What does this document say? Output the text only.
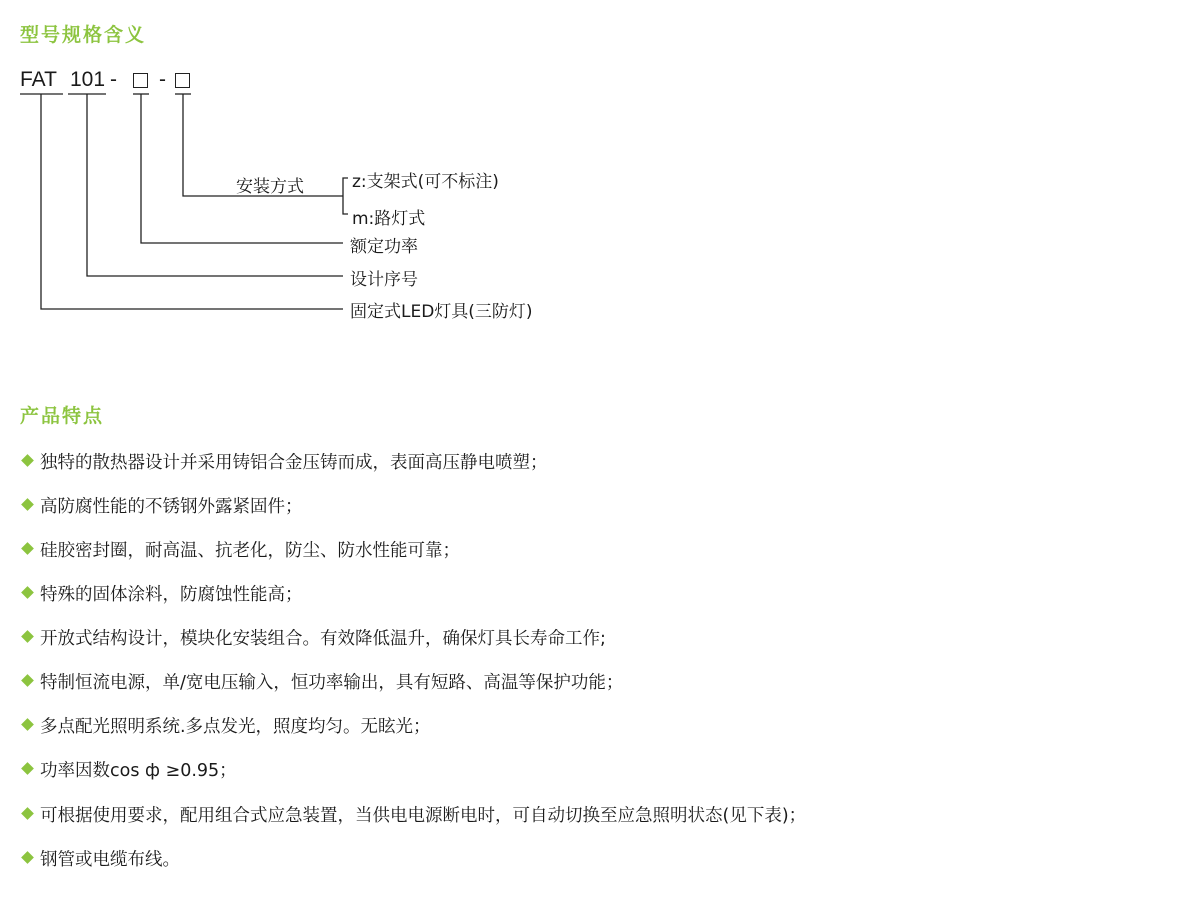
型号规格含义
FAT 101 - -
安装方式	z:支架式(可不标注)
m:路灯式
额定功率
设计序号
固定式LED灯具(三防灯)
产品特点
独特的散热器设计并采用铸铝合金压铸而成，表面高压静电喷塑；
高防腐性能的不锈钢外露紧固件；
硅胶密封圈，耐高温、抗老化，防尘、防水性能可靠；
特殊的固体涂料，防腐蚀性能高；
开放式结构设计，模块化安装组合。有效降低温升，确保灯具长寿命工作;
特制恒流电源，单/宽电压输入，恒功率输出，具有短路、高温等保护功能；
多点配光照明系统.多点发光，照度均匀。无眩光；
功率因数cos ф ≥0.95；
可根据使用要求，配用组合式应急装置，当供电电源断电时，可自动切换至应急照明状态(见下表)；
钢管或电缆布线。
